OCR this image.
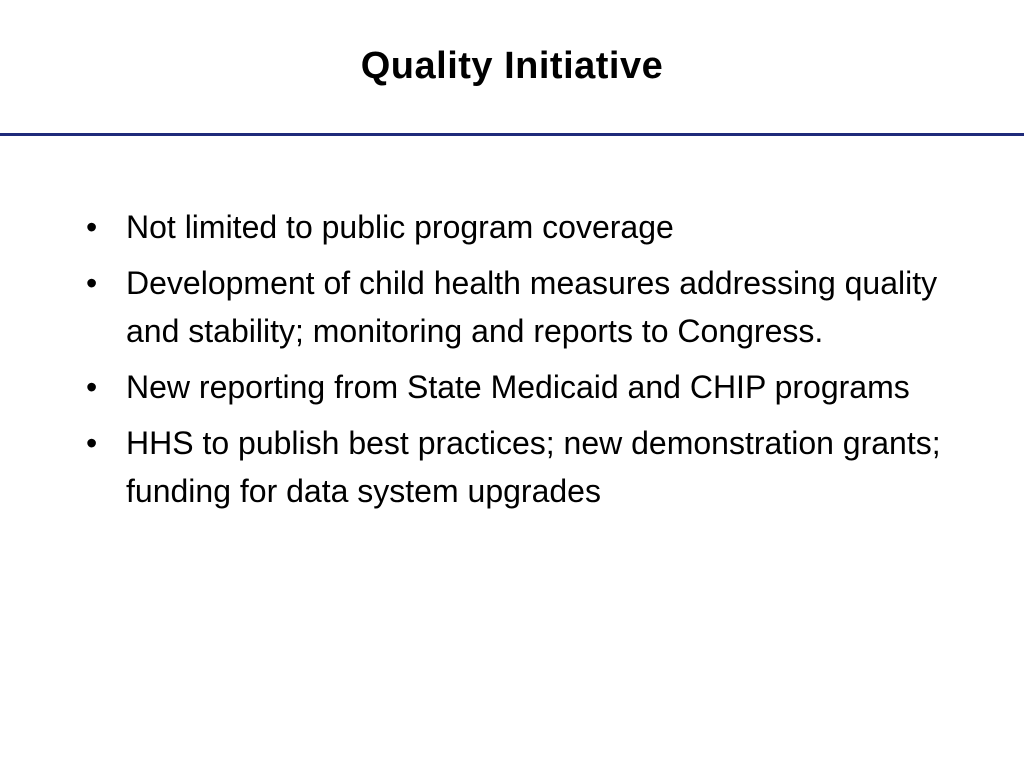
Quality Initiative
• Not limited to public program coverage
• Development of child health measures addressing quality and stability; monitoring and reports to Congress.
• New reporting from State Medicaid and CHIP programs
• HHS to publish best practices; new demonstration grants; funding for data system upgrades
